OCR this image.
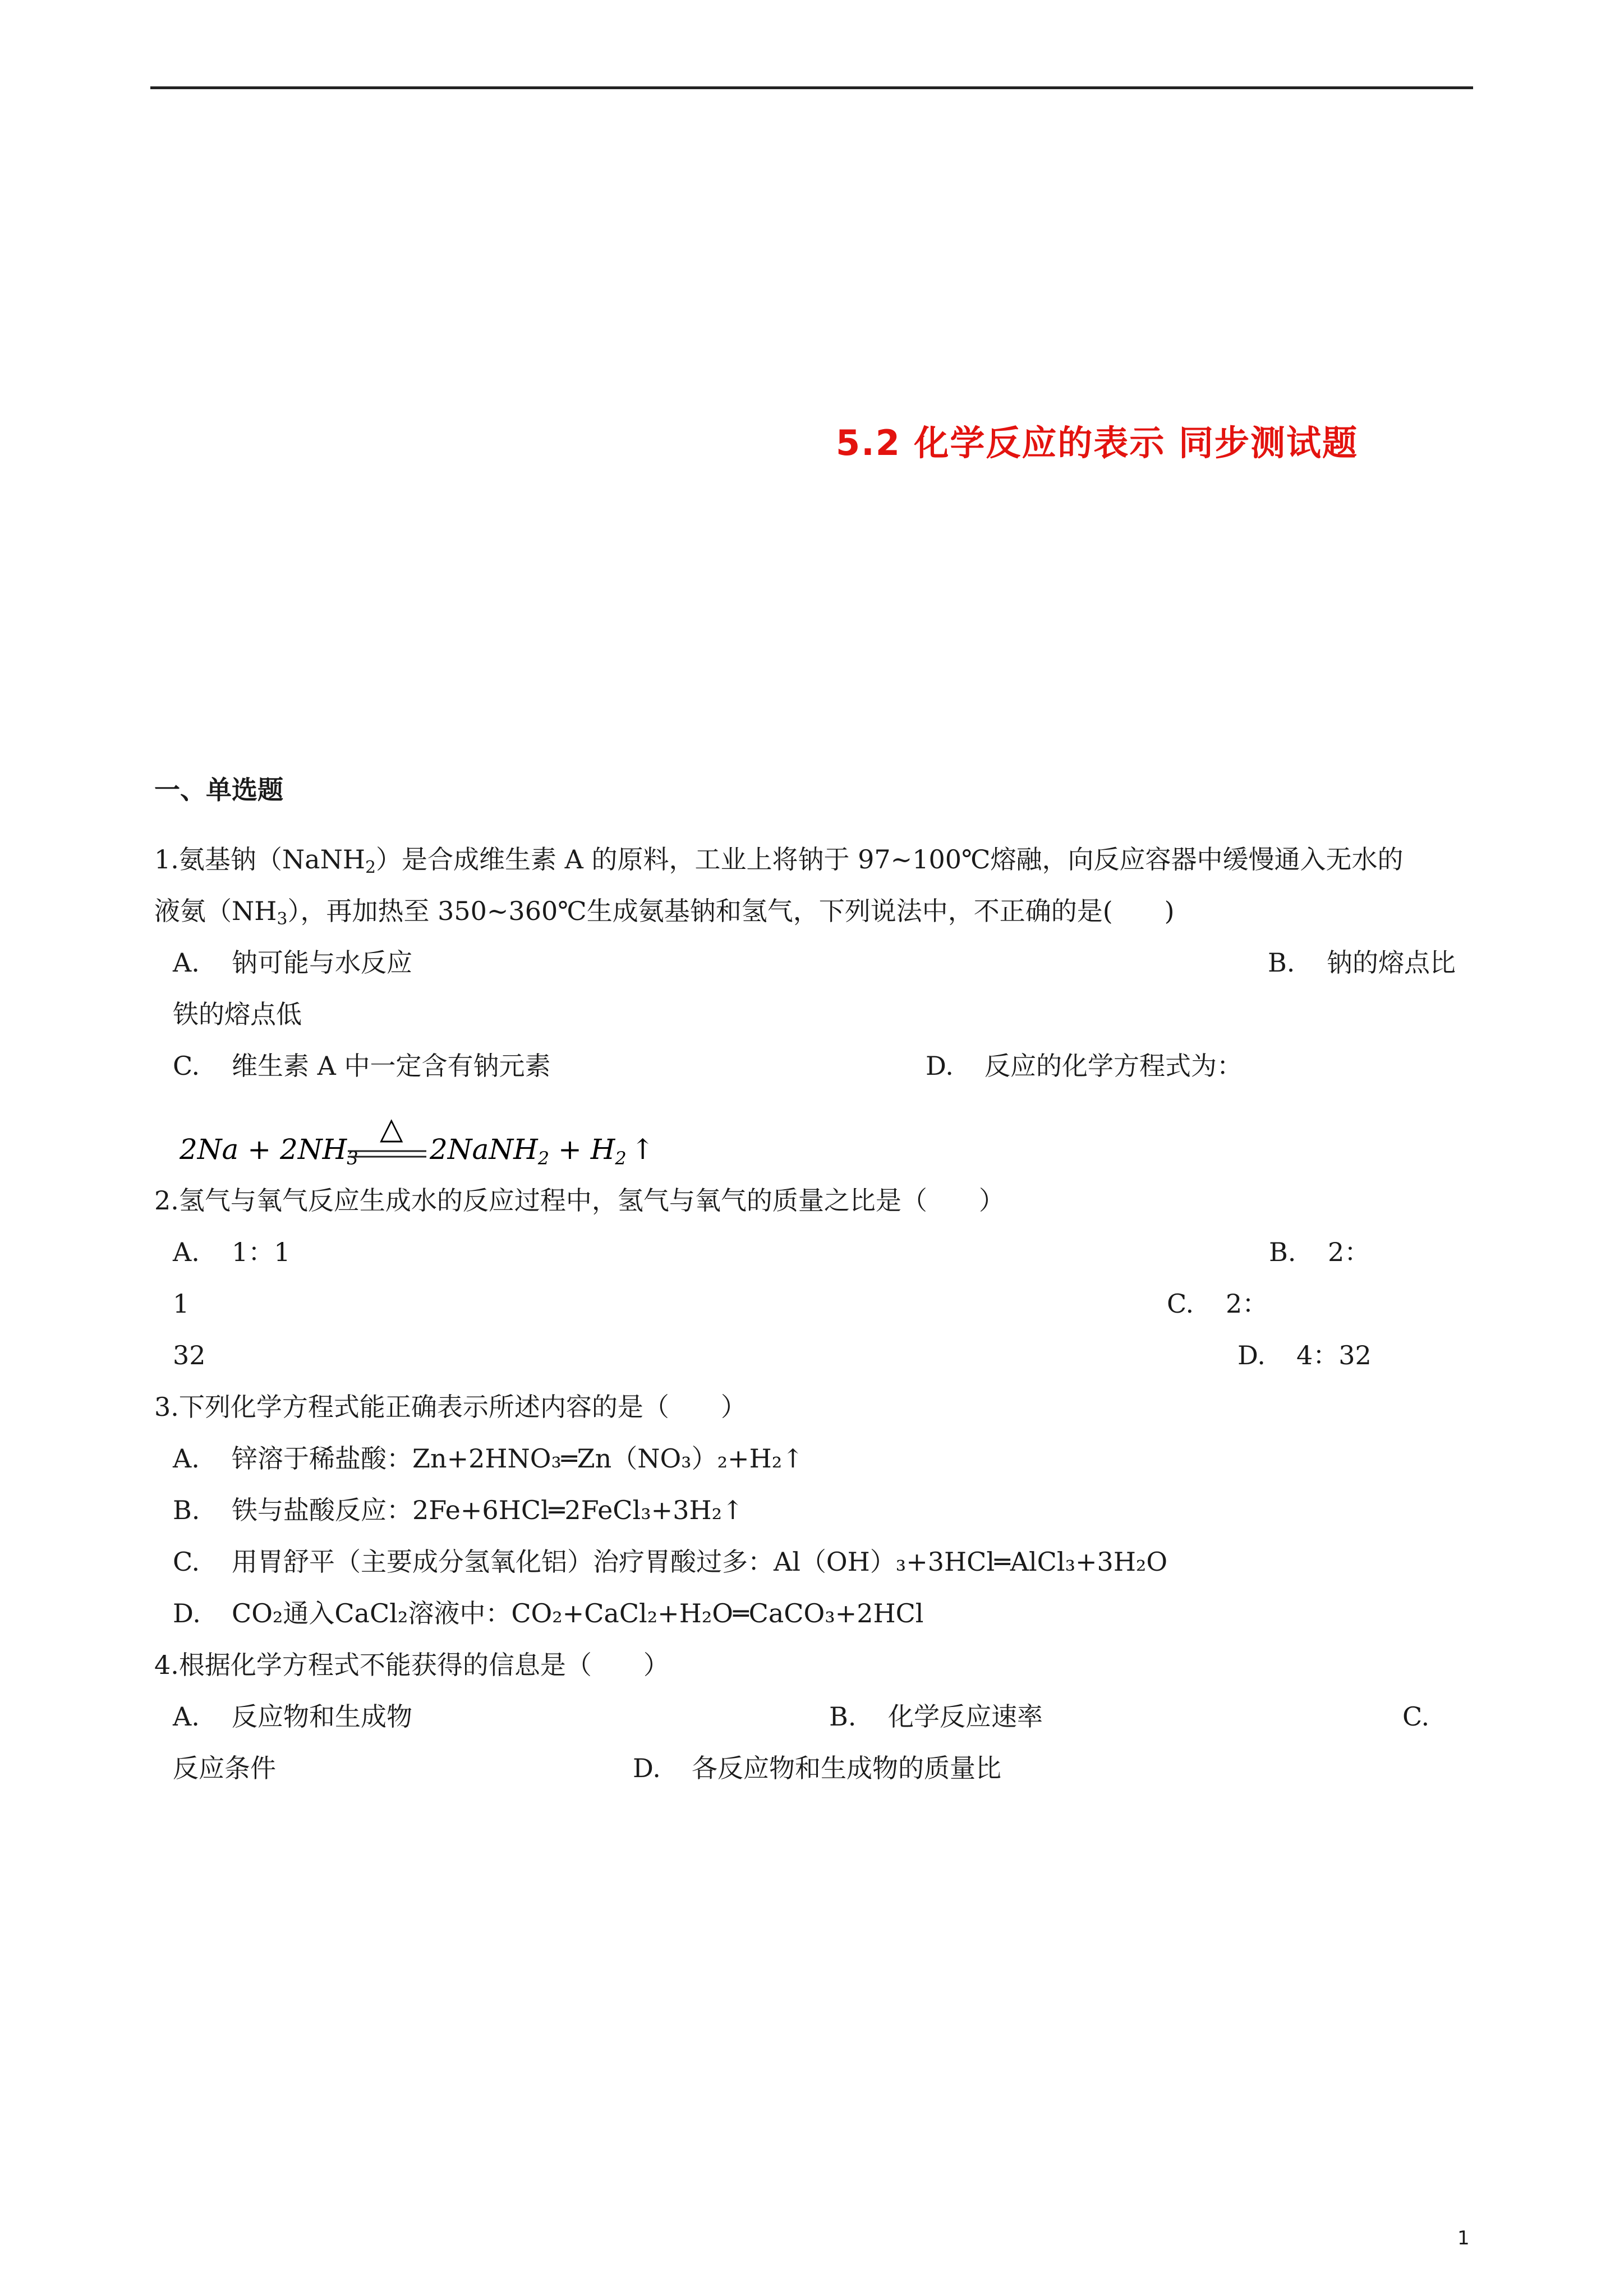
5.2 化学反应的表示 同步测试题
一、单选题
1.氨基钠（NaNH$_2$）是合成维生素 A 的原料，工业上将钠于 97~100℃熔融，向反应容器中缓慢通入无水的
液氨$(NH_3)$，再加热至 350~360℃生成氨基钠和氢气，下列说法中，不正确的是(　　)
A. 钠可能与水反应	B. 钠的熔点比
铁的熔点低
C. 维生素 A 中一定含有钠元素	D. 反应的化学方程式为：
$2Na + 2NH_3$
△
2NaNH$_2$ + $H_2$ ↑
2.氢气与氧气反应生成水的反应过程中，氢气与氧气的质量之比是（　　）
A. 1：1	B. 2：
1	C. 2：
32	D. 4：32
3.下列化学方程式能正确表示所述内容的是（　　）
A. 锌溶于稀盐酸：Zn+2HNO₃═Zn（NO₃）₂+H₂↑
B. 铁与盐酸反应：2Fe+6HCl═2FeCl₃+3H₂↑
C. 用胃舒平（主要成分氢氧化铝）治疗胃酸过多：Al（OH）₃+3HCl═AlCl₃+3H₂O
D. CO₂通入CaCl₂溶液中：CO₂+CaCl₂+H₂O═CaCO₃+2HCl
4.根据化学方程式不能获得的信息是（　　）
A. 反应物和生成物	B. 化学反应速率	C.
反应条件	D. 各反应物和生成物的质量比
1
